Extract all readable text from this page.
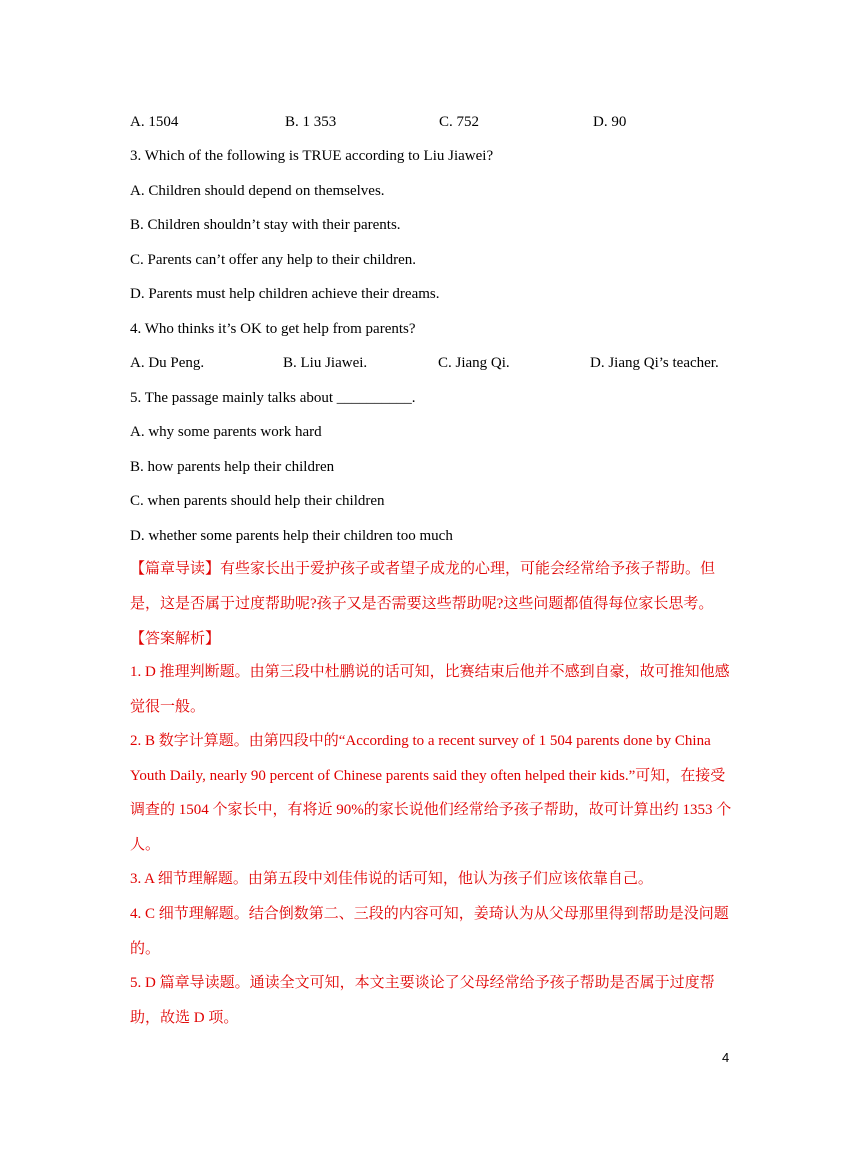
A. 1504	B. 1 353	C. 752	D. 90
3. Which of the following is TRUE according to Liu Jiawei?
A. Children should depend on themselves.
B. Children shouldn’t stay with their parents.
C. Parents can’t offer any help to their children.
D. Parents must help children achieve their dreams.
4. Who thinks it’s OK to get help from parents?
A. Du Peng.	B. Liu Jiawei.	C. Jiang Qi.	D. Jiang Qi’s teacher.
5. The passage mainly talks about __________.
A. why some parents work hard
B. how parents help their children
C. when parents should help their children
D. whether some parents help their children too much
【篇章导读】有些家长出于爱护孩子或者望子成龙的心理，可能会经常给予孩子帮助。但是，这是否属于过度帮助呢?孩子又是否需要这些帮助呢?这些问题都值得每位家长思考。
【答案解析】
1. D 推理判断题。由第三段中杜鹏说的话可知，比赛结束后他并不感到自豪，故可推知他感觉很一般。
2. B 数字计算题。由第四段中的“According to a recent survey of 1 504 parents done by China Youth Daily, nearly 90 percent of Chinese parents said they often helped their kids.”可知，在接受调查的 1504 个家长中，有将近 90%的家长说他们经常给予孩子帮助，故可计算出约 1353 个人。
3. A 细节理解题。由第五段中刘佳伟说的话可知，他认为孩子们应该依靠自己。
4. C 细节理解题。结合倒数第二、三段的内容可知，姜琦认为从父母那里得到帮助是没问题的。
5. D 篇章导读题。通读全文可知，本文主要谈论了父母经常给予孩子帮助是否属于过度帮助，故选 D 项。
4
